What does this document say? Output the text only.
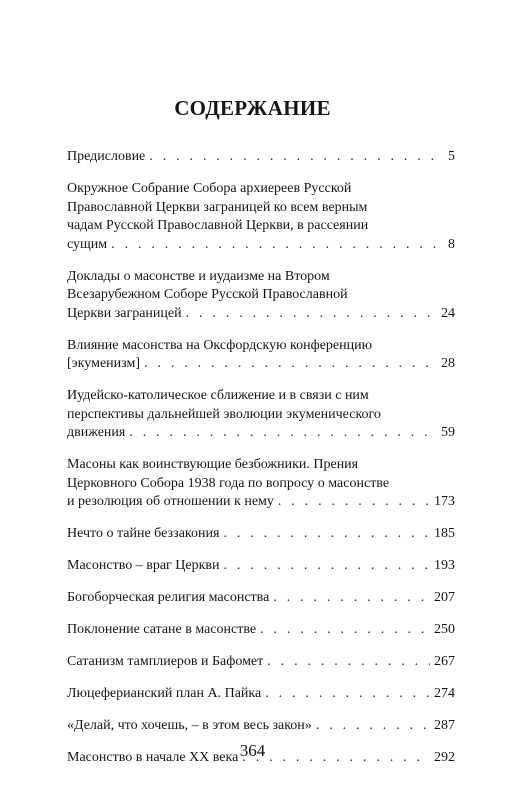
СОДЕРЖАНИЕ
Предисловие . . .	5
Окружное Собрание Собора архиереев Русской
Православной Церкви заграницей ко всем верным
чадам Русской Православной Церкви, в рассеянии
сущим . . .	8
Доклады о масонстве и иудаизме на Втором
Всезарубежном Соборе Русской Православной
Церкви заграницей . . .	24
Влияние масонства на Оксфордскую конференцию
[экуменизм] . . .	28
Иудейско-католическое сближение и в связи с ним
перспективы дальнейшей эволюции экуменического
движения . . .	59
Масоны как воинствующие безбожники. Прения
Церковного Собора 1938 года по вопросу о масонстве
и резолюция об отношении к нему . . .	173
Нечто о тайне беззакония . . .	185
Масонство – враг Церкви . . .	193
Богоборческая религия масонства . . .	207
Поклонение сатане в масонстве . . .	250
Сатанизм тамплиеров и Бафомет . . .	267
Люцеферианский план А. Пайка . . .	274
«Делай, что хочешь, – в этом весь закон» . . .	287
Масонство в начале XX века . . .	292
364
